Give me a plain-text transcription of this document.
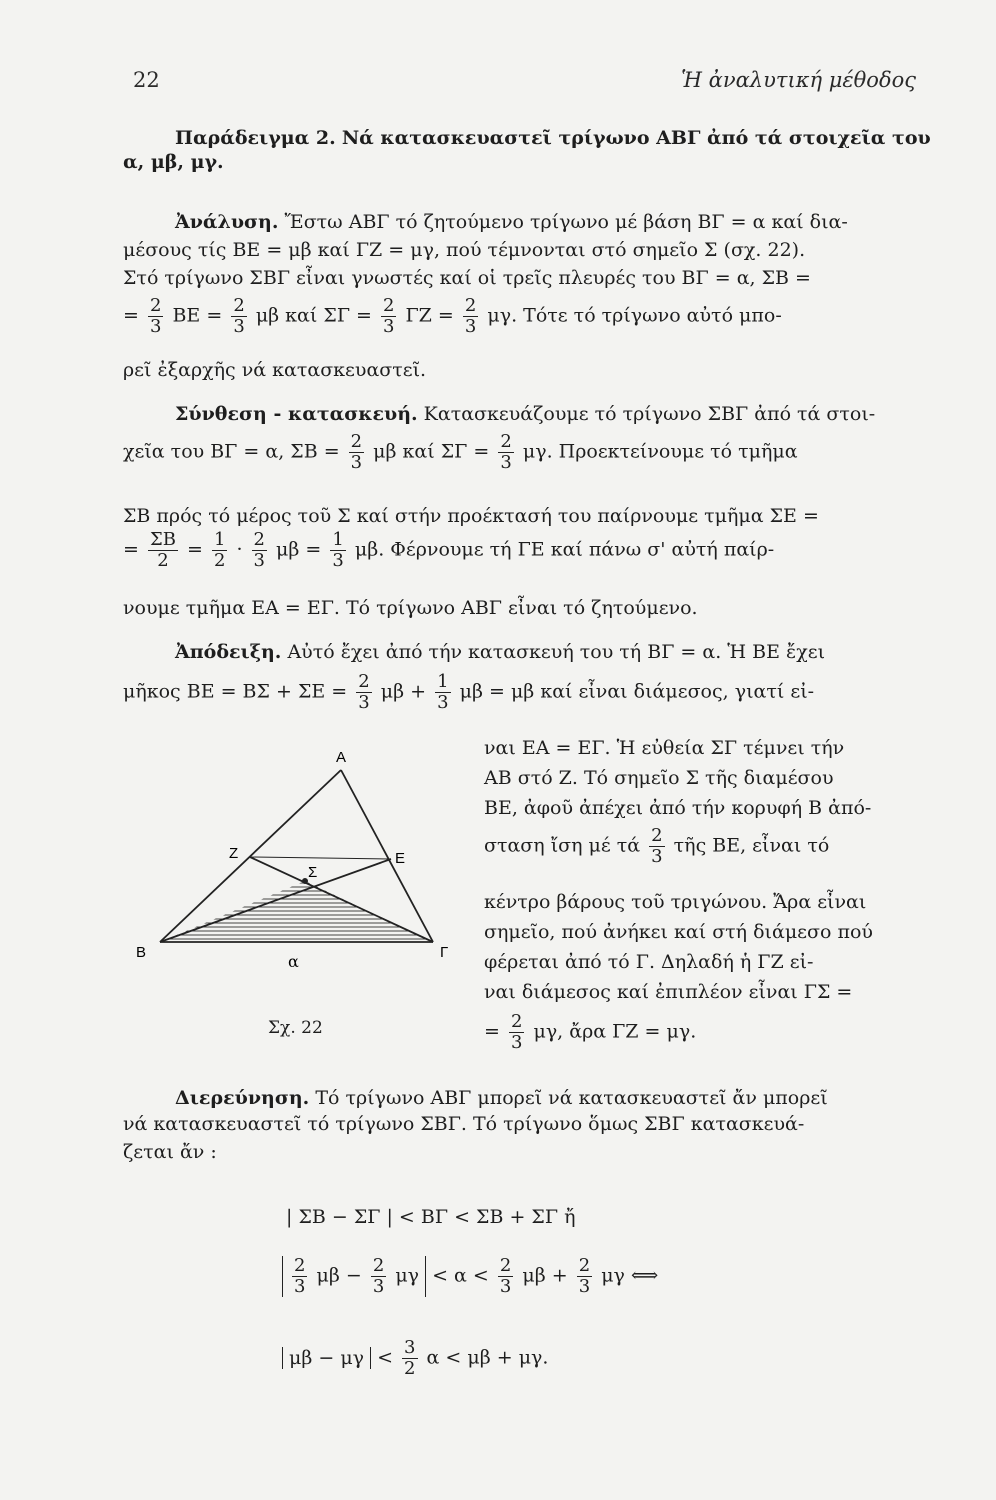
22	Ἡ ἀναλυτική μέθοδος
Παράδειγμα 2. Νά κατασκευαστεῖ τρίγωνο ΑΒΓ ἀπό τά στοιχεῖα του
α, μβ, μγ.
Ἀνάλυση. Ἔστω ΑΒΓ τό ζητούμενο τρίγωνο μέ βάση ΒΓ = α καί δια-
μέσους τίς ΒΕ = μβ καί ΓΖ = μγ, πού τέμνονται στό σημεῖο Σ (σχ. 22).
Στό τρίγωνο ΣΒΓ εἶναι γνωστές καί οἱ τρεῖς πλευρές του ΒΓ = α, ΣΒ =
= $\frac{2}{3}$ $BE = \frac{2}{3}$ μβ καί $\Sigma\Gamma = \frac{2}{3}$ $\Gamma Z = \frac{2}{3} \mu\gamma$. Τότε τό τρίγωνο αὐτό μπο-
ρεῖ ἐξαρχῆς νά κατασκευαστεῖ.
Σύνθεση - κατασκευή. Κατασκευάζουμε τό τρίγωνο ΣΒΓ ἀπό τά στοι-
χεῖα του ΒΓ = α, $\Sigma B = \frac{2}{3}$ μβ καί $\Sigma\Gamma = \frac{2}{3} \mu\gamma$. Προεκτείνουμε τό τμῆμα
ΣΒ πρός τό μέρος τοῦ Σ καί στήν προέκτασή του παίρνουμε τμῆμα ΣΕ =
= $\frac{\Sigma B}{2} = \frac{1}{2} \cdot \frac{2}{3}$ $\mu\beta = \frac{1}{3} \mu\beta$. Φέρνουμε τή ΓΕ καί πάνω σ' αὐτή παίρ-
νουμε τμῆμα ΕΑ = ΕΓ. Τό τρίγωνο ΑΒΓ εἶναι τό ζητούμενο.
Ἀπόδειξη. Αὐτό ἔχει ἀπό τήν κατασκευή του τή ΒΓ = α. Ἡ ΒΕ ἔχει
μῆκος $BE = B\Sigma + \Sigma E = \frac{2}{3}$ $\mu\beta + \frac{1}{3}$ μβ = μβ καί εἶναι διάμεσος, γιατί εἰ-
ναι ΕΑ = ΕΓ. Ἡ εὐθεία ΣΓ τέμνει τήν
ΑΒ στό Ζ. Τό σημεῖο Σ τῆς διαμέσου
ΒΕ, ἀφοῦ ἀπέχει ἀπό τήν κορυφή Β ἀπό-
σταση ἴση μέ τά $\frac{2}{3}$ τῆς ΒΕ, εἶναι τό
κέντρο βάρους τοῦ τριγώνου. Ἄρα εἶναι
σημεῖο, πού ἀνήκει καί στή διάμεσο πού
φέρεται ἀπό τό Γ. Δηλαδή ἡ ΓΖ εἰ-
ναι διάμεσος καί ἐπιπλέον εἶναι ΓΣ =
= $\frac{2}{3} \mu\gamma$, ἄρα ΓΖ = μγ.
Α
Β	Γ
Ζ	Ε
Σ
α
Σχ. 22
Διερεύνηση. Τό τρίγωνο ΑΒΓ μπορεῖ νά κατασκευαστεῖ ἄν μπορεῖ
νά κατασκευαστεῖ τό τρίγωνο ΣΒΓ. Τό τρίγωνο ὅμως ΣΒΓ κατασκευά-
ζεται ἄν :
| ΣΒ − ΣΓ | < ΒΓ < ΣΒ + ΣΓ ἤ
$\frac{2}{3}$ $\mu\beta - \frac{2}{3}$ $\mu\gamma < \alpha < \frac{2}{3}$ $\mu\beta + \frac{2}{3}$ μγ ⟺
$\mu\beta - \mu\gamma < \frac{3}{2}$ α < μβ + μγ.
